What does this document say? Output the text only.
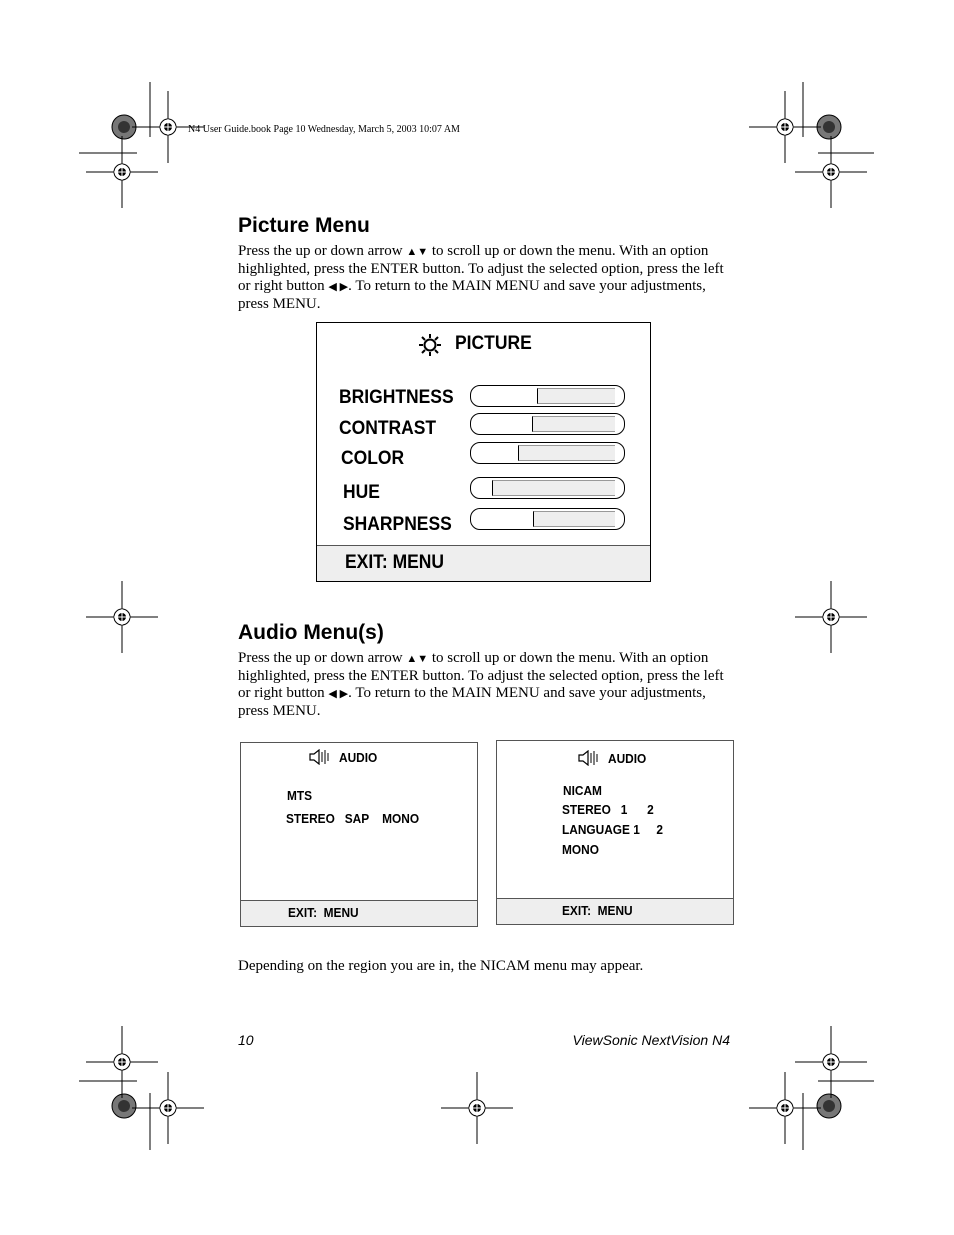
N4 User Guide.book Page 10 Wednesday, March 5, 2003 10:07 AM
Picture Menu

Press the up or down arrow ▲▼ to scroll up or down the menu. With an option highlighted, press the ENTER button. To adjust the selected option, press the left or right button ◀ ▶. To return to the MAIN MENU and save your adjustments, press MENU.

PICTURE
BRIGHTNESS
CONTRAST
COLOR
HUE
SHARPNESS
EXIT: MENU
Audio Menu(s)

Press the up or down arrow ▲▼ to scroll up or down the menu. With an option highlighted, press the ENTER button. To adjust the selected option, press the left or right button ◀ ▶. To return to the MAIN MENU and save your adjustments, press MENU.

AUDIO
MTS
STEREO   SAP    MONO
EXIT:  MENU
AUDIO
NICAM
STEREO   1      2
LANGUAGE 1     2
MONO
EXIT:  MENU
Depending on the region you are in, the NICAM menu may appear.
10	ViewSonic NextVision N4
